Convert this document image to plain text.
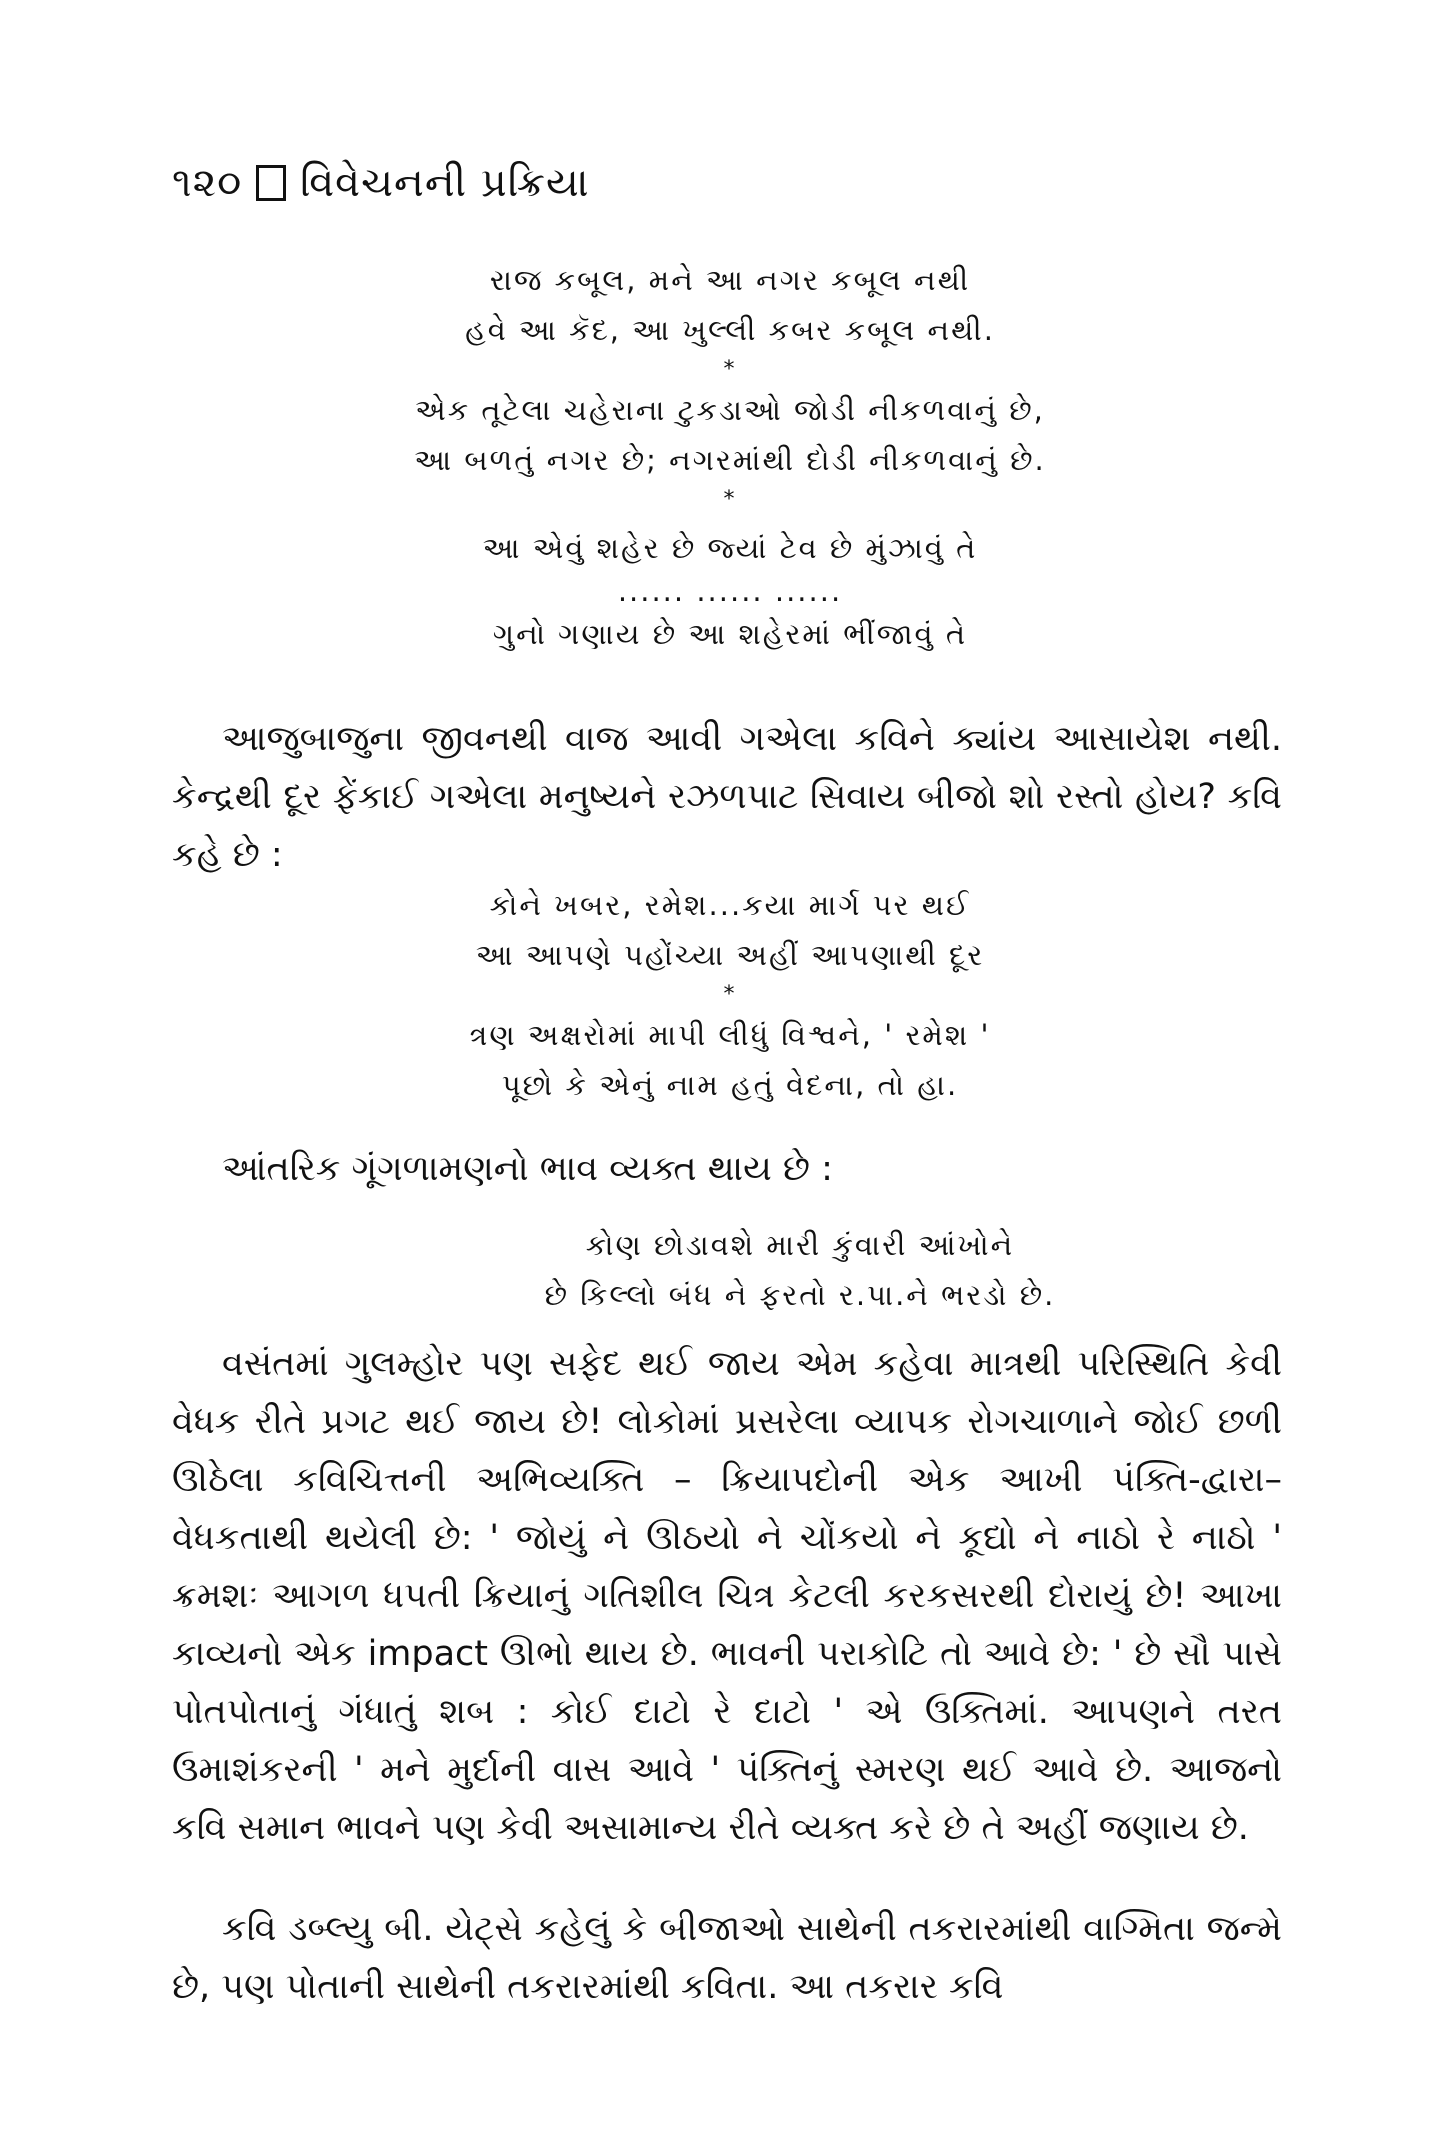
૧૨૦ વિવેચનની પ્રક્રિયા
રાજ કબૂલ, મને આ નગર કબૂલ નથી
હવે આ કૅદ, આ ખુલ્લી કબર કબૂલ નથી.
*
એક તૂટેલા ચહેરાના ટુકડાઓ જોડી નીકળવાનું છે,
આ બળતું નગર છે; નગરમાંથી દોડી નીકળવાનું છે.
*
આ એવું શહેર છે જ્યાં ટેવ છે મુંઝાવું તે
...... ...... ......
ગુનો ગણાય છે આ શહેરમાં ભીંજાવું તે

આજુબાજુના જીવનથી વાજ આવી ગએલા કવિને ક્યાંય આસાયેશ નથી. કેન્દ્રથી દૂર ફેંકાઈ ગએલા મનુષ્યને રઝળપાટ સિવાય બીજો શો રસ્તો હોય? કવિ કહે છે :

કોને ખબર, રમેશ...કયા માર્ગ પર થઈ
આ આપણે પહોંચ્યા અહીં આપણાથી દૂર
*
ત્રણ અક્ષરોમાં માપી લીધું વિશ્વને, ' રમેશ '
પૂછો કે એનું નામ હતું વેદના, તો હા.
આંતરિક ગૂંગળામણનો ભાવ વ્યક્ત થાય છે :
કોણ છોડાવશે મારી કુંવારી આંખોને
છે કિલ્લો બંધ ને ફરતો ર.પા.ને ભરડો છે.

વસંતમાં ગુલમ્હોર પણ સફેદ થઈ જાય એમ કહેવા માત્રથી પરિસ્થિતિ કેવી વેધક રીતે પ્રગટ થઈ જાય છે! લોકોમાં પ્રસરેલા વ્યાપક રોગચાળાને જોઈ છળી ઊઠેલા કવિચિત્તની અભિવ્યક્તિ – ક્રિયાપદોની એક આખી પંક્તિ-દ્વારા–વેધકતાથી થયેલી છે: ' જોયું ને ઊઠયો ને ચોંકયો ને કૂદ્યો ને નાઠો રે નાઠો ' ક્રમશઃ આગળ ધપતી ક્રિયાનું ગતિશીલ ચિત્ર કેટલી કરકસરથી દોરાયું છે! આખા કાવ્યનો એક impact ઊભો થાય છે. ભાવની પરાકોટિ તો આવે છે: ' છે સૌ પાસે પોતપોતાનું ગંધાતું શબ : કોઈ દાટો રે દાટો ' એ ઉક્તિમાં. આપણને તરત ઉમાશંકરની ' મને મુર્દાની વાસ આવે ' પંક્તિનું સ્મરણ થઈ આવે છે. આજનો કવિ સમાન ભાવને પણ કેવી અસામાન્ય રીતે વ્યક્ત કરે છે તે અહીં જણાય છે.

કવિ ડબ્લ્યુ બી. યેટ્સે કહેલું કે બીજાઓ સાથેની તકરારમાંથી વાગ્મિતા જન્મે છે, પણ પોતાની સાથેની તકરારમાંથી કવિતા. આ તકરાર કવિ
